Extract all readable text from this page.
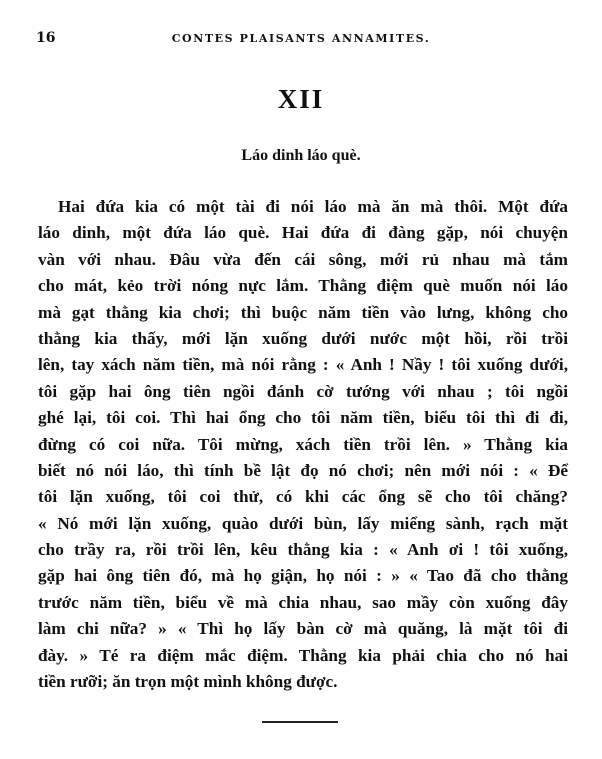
16	CONTES PLAISANTS ANNAMITES.
XII
Láo dinh láo què.
Hai đứa kia có một tài đi nói láo mà ăn mà thôi. Một đứa
láo dinh, một đứa láo què. Hai đứa đi đàng gặp, nói chuyện
vàn với nhau. Đâu vừa đến cái sông, mới rủ nhau mà tắm
cho mát, kẻo trời nóng nực lắm. Thằng điệm què muốn nói láo
mà gạt thằng kia chơi; thì buộc năm tiền vào lưng, không cho
thằng kia thấy, mới lặn xuống dưới nước một hồi, rồi trồi
lên, tay xách năm tiền, mà nói rằng : « Anh ! Nầy ! tôi xuống dưới,
tôi gặp hai ông tiên ngồi đánh cờ tướng với nhau ; tôi ngồi
ghé lại, tôi coi. Thì hai ổng cho tôi năm tiền, biểu tôi thì đi đi,
đừng có coi nữa. Tôi mừng, xách tiền trồi lên. » Thằng kia
biết nó nói láo, thì tính bề lật đọ nó chơi; nên mới nói : « Để
tôi lặn xuống, tôi coi thử, có khi các ổng sẽ cho tôi chăng?
« Nó mới lặn xuống, quào dưới bùn, lấy miểng sành, rạch mặt
cho trầy ra, rồi trồi lên, kêu thằng kia : « Anh ơi ! tôi xuống,
gặp hai ông tiên đó, mà họ giận, họ nói : » « Tao đã cho thằng
trước năm tiền, biểu về mà chia nhau, sao mầy còn xuống đây
làm chi nữa? » « Thì họ lấy bàn cờ mà quăng, là mặt tôi đi
đày. » Té ra điệm mắc điệm. Thằng kia phải chia cho nó hai
tiền rưỡi; ăn trọn một mình không được.
